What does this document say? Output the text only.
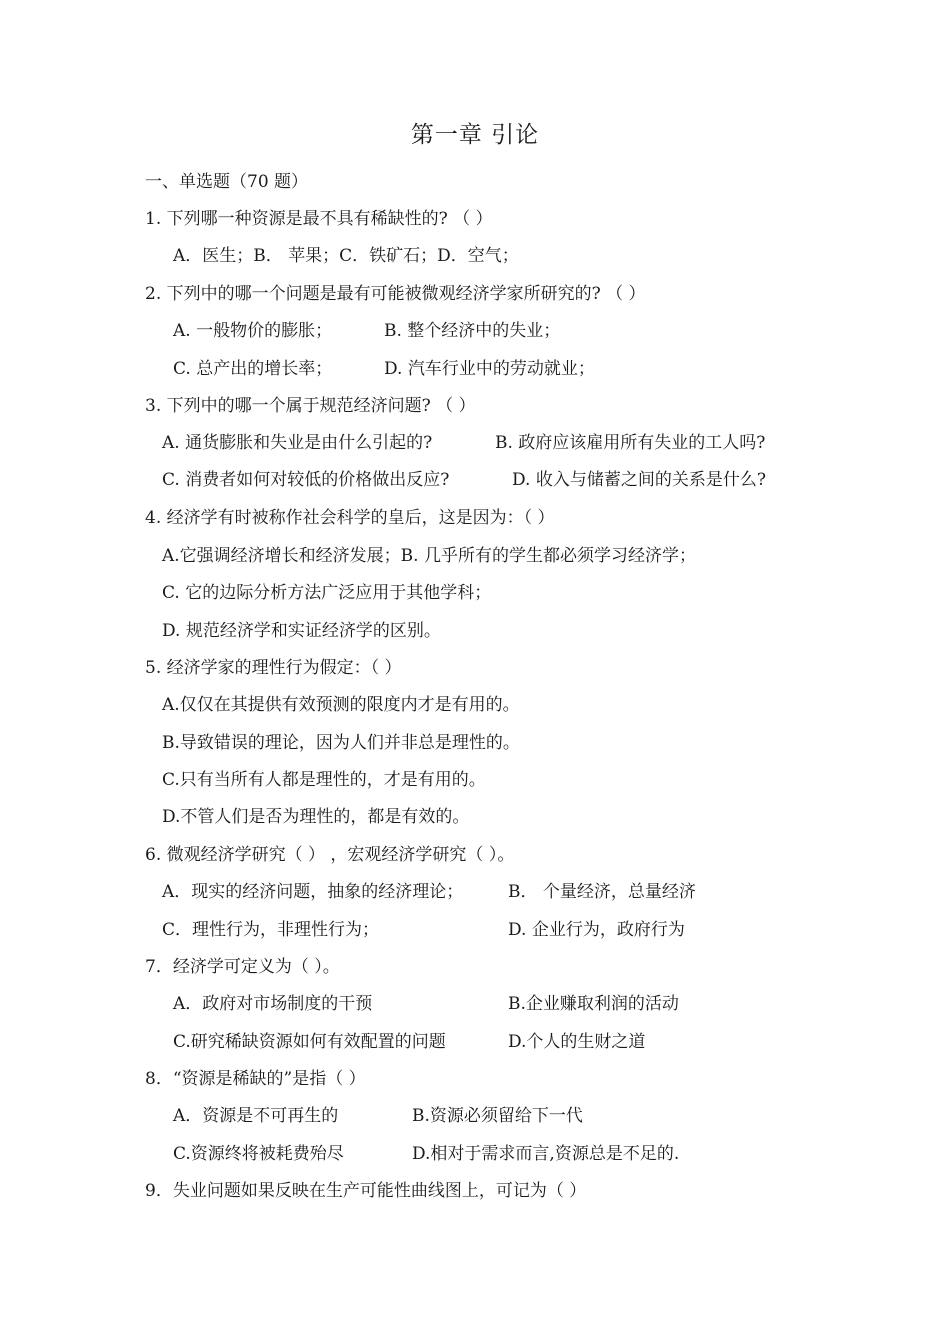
第一章 引论
一、单选题（70 题）
1. 下列哪一种资源是最不具有稀缺性的? （ ）
A．医生；B． 苹果；C．铁矿石；D．空气；
2. 下列中的哪一个问题是最有可能被微观经济学家所研究的? （ ）
A. 一般物价的膨胀；	B. 整个经济中的失业；
C. 总产出的增长率；	D. 汽车行业中的劳动就业；
3. 下列中的哪一个属于规范经济问题? （ ）
A. 通货膨胀和失业是由什么引起的?	B. 政府应该雇用所有失业的工人吗?
C. 消费者如何对较低的价格做出反应?	D. 收入与储蓄之间的关系是什么?
4. 经济学有时被称作社会科学的皇后，这是因为：（ ）
A.它强调经济增长和经济发展；B. 几乎所有的学生都必须学习经济学；
C. 它的边际分析方法广泛应用于其他学科；
D. 规范经济学和实证经济学的区别。
5. 经济学家的理性行为假定：（ ）
A.仅仅在其提供有效预测的限度内才是有用的。
B.导致错误的理论，因为人们并非总是理性的。
C.只有当所有人都是理性的，才是有用的。
D.不管人们是否为理性的，都是有效的。
6. 微观经济学研究（ ） ，宏观经济学研究（ ）。
A．现实的经济问题，抽象的经济理论；	B． 个量经济，总量经济
C．理性行为，非理性行为；	D. 企业行为，政府行为
7．经济学可定义为（ ）。
A．政府对市场制度的干预	B.企业赚取利润的活动
C.研究稀缺资源如何有效配置的问题	D.个人的生财之道
8．“资源是稀缺的”是指（ ）
A．资源是不可再生的	B.资源必须留给下一代
C.资源终将被耗费殆尽	D.相对于需求而言,资源总是不足的.
9．失业问题如果反映在生产可能性曲线图上，可记为（ ）
